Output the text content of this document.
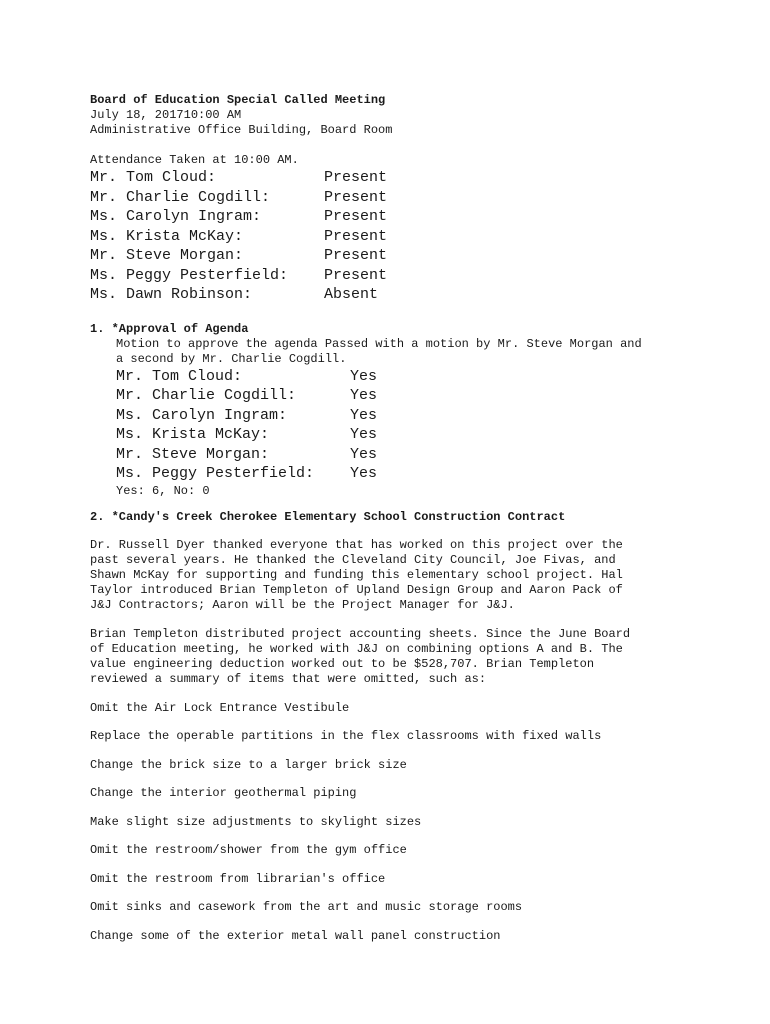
Board of Education Special Called Meeting
July 18, 201710:00 AM
Administrative Office Building, Board Room
Attendance Taken at 10:00 AM.
Mr. Tom Cloud:	Present
Mr. Charlie Cogdill:	Present
Ms. Carolyn Ingram:	Present
Ms. Krista McKay:	Present
Mr. Steve Morgan:	Present
Ms. Peggy Pesterfield:	Present
Ms. Dawn Robinson:	Absent
1. *Approval of Agenda
Motion to approve the agenda Passed with a motion by Mr. Steve Morgan and
a second by Mr. Charlie Cogdill.
Mr. Tom Cloud:	Yes
Mr. Charlie Cogdill:	Yes
Ms. Carolyn Ingram:	Yes
Ms. Krista McKay:	Yes
Mr. Steve Morgan:	Yes
Ms. Peggy Pesterfield:	Yes
Yes: 6, No: 0
2. *Candy's Creek Cherokee Elementary School Construction Contract
Dr. Russell Dyer thanked everyone that has worked on this project over the
past several years. He thanked the Cleveland City Council, Joe Fivas, and
Shawn McKay for supporting and funding this elementary school project. Hal
Taylor introduced Brian Templeton of Upland Design Group and Aaron Pack of
J&J Contractors; Aaron will be the Project Manager for J&J.
Brian Templeton distributed project accounting sheets. Since the June Board
of Education meeting, he worked with J&J on combining options A and B. The
value engineering deduction worked out to be $528,707. Brian Templeton
reviewed a summary of items that were omitted, such as:
Omit the Air Lock Entrance Vestibule
Replace the operable partitions in the flex classrooms with fixed walls
Change the brick size to a larger brick size
Change the interior geothermal piping
Make slight size adjustments to skylight sizes
Omit the restroom/shower from the gym office
Omit the restroom from librarian's office
Omit sinks and casework from the art and music storage rooms
Change some of the exterior metal wall panel construction
